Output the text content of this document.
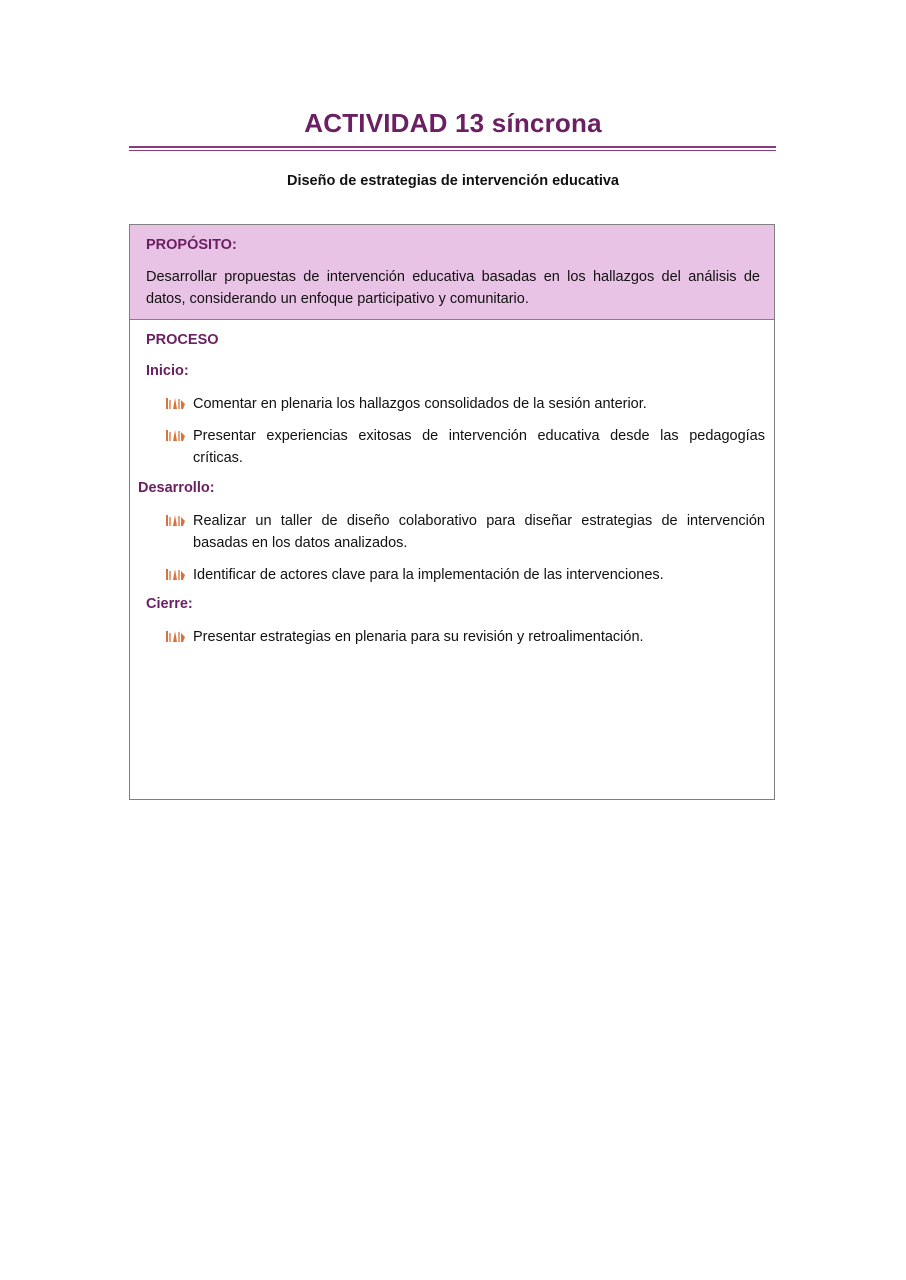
ACTIVIDAD 13 síncrona
Diseño de estrategias de intervención educativa
PROPÓSITO:
Desarrollar propuestas de intervención educativa basadas en los hallazgos del análisis de datos, considerando un enfoque participativo y comunitario.
PROCESO
Inicio:
Comentar en plenaria los hallazgos consolidados de la sesión anterior.
Presentar experiencias exitosas de intervención educativa desde las pedagogías críticas.
Desarrollo:
Realizar un taller de diseño colaborativo para diseñar estrategias de intervención basadas en los datos analizados.
Identificar de actores clave para la implementación de las intervenciones.
Cierre:
Presentar estrategias en plenaria para su revisión y retroalimentación.
